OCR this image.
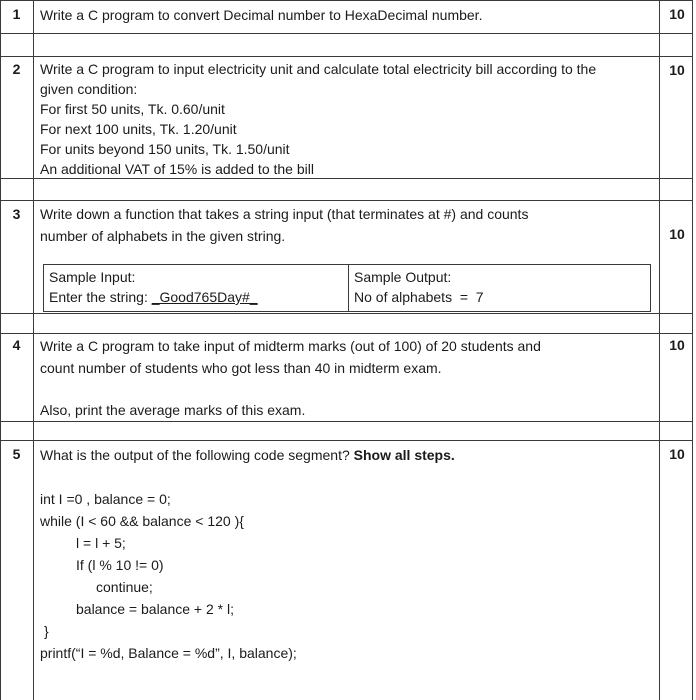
1	Write a C program to convert Decimal number to HexaDecimal number.	10
2	Write a C program to input electricity unit and calculate total electricity bill according to the
given condition:
For first 50 units, Tk. 0.60/unit
For next 100 units, Tk. 1.20/unit
For units beyond 150 units, Tk. 1.50/unit
An additional VAT of 15% is added to the bill
10
3	Write down a function that takes a string input (that terminates at #) and counts
number of alphabets in the given string.	10
Sample Input:
Enter the string: _Good765Day#_
Sample Output:
No of alphabets  =  7
4	Write a C program to take input of midterm marks (out of 100) of 20 students and
count number of students who got less than 40 in midterm exam.
Also, print the average marks of this exam.
10
5	What is the output of the following code segment? Show all steps.	10
int I =0 , balance = 0;
while (I < 60 && balance < 120 ){
l = l + 5;
If (l % 10 != 0)
continue;
balance = balance + 2 * l;
}
printf(“I = %d, Balance = %d”, I, balance);
